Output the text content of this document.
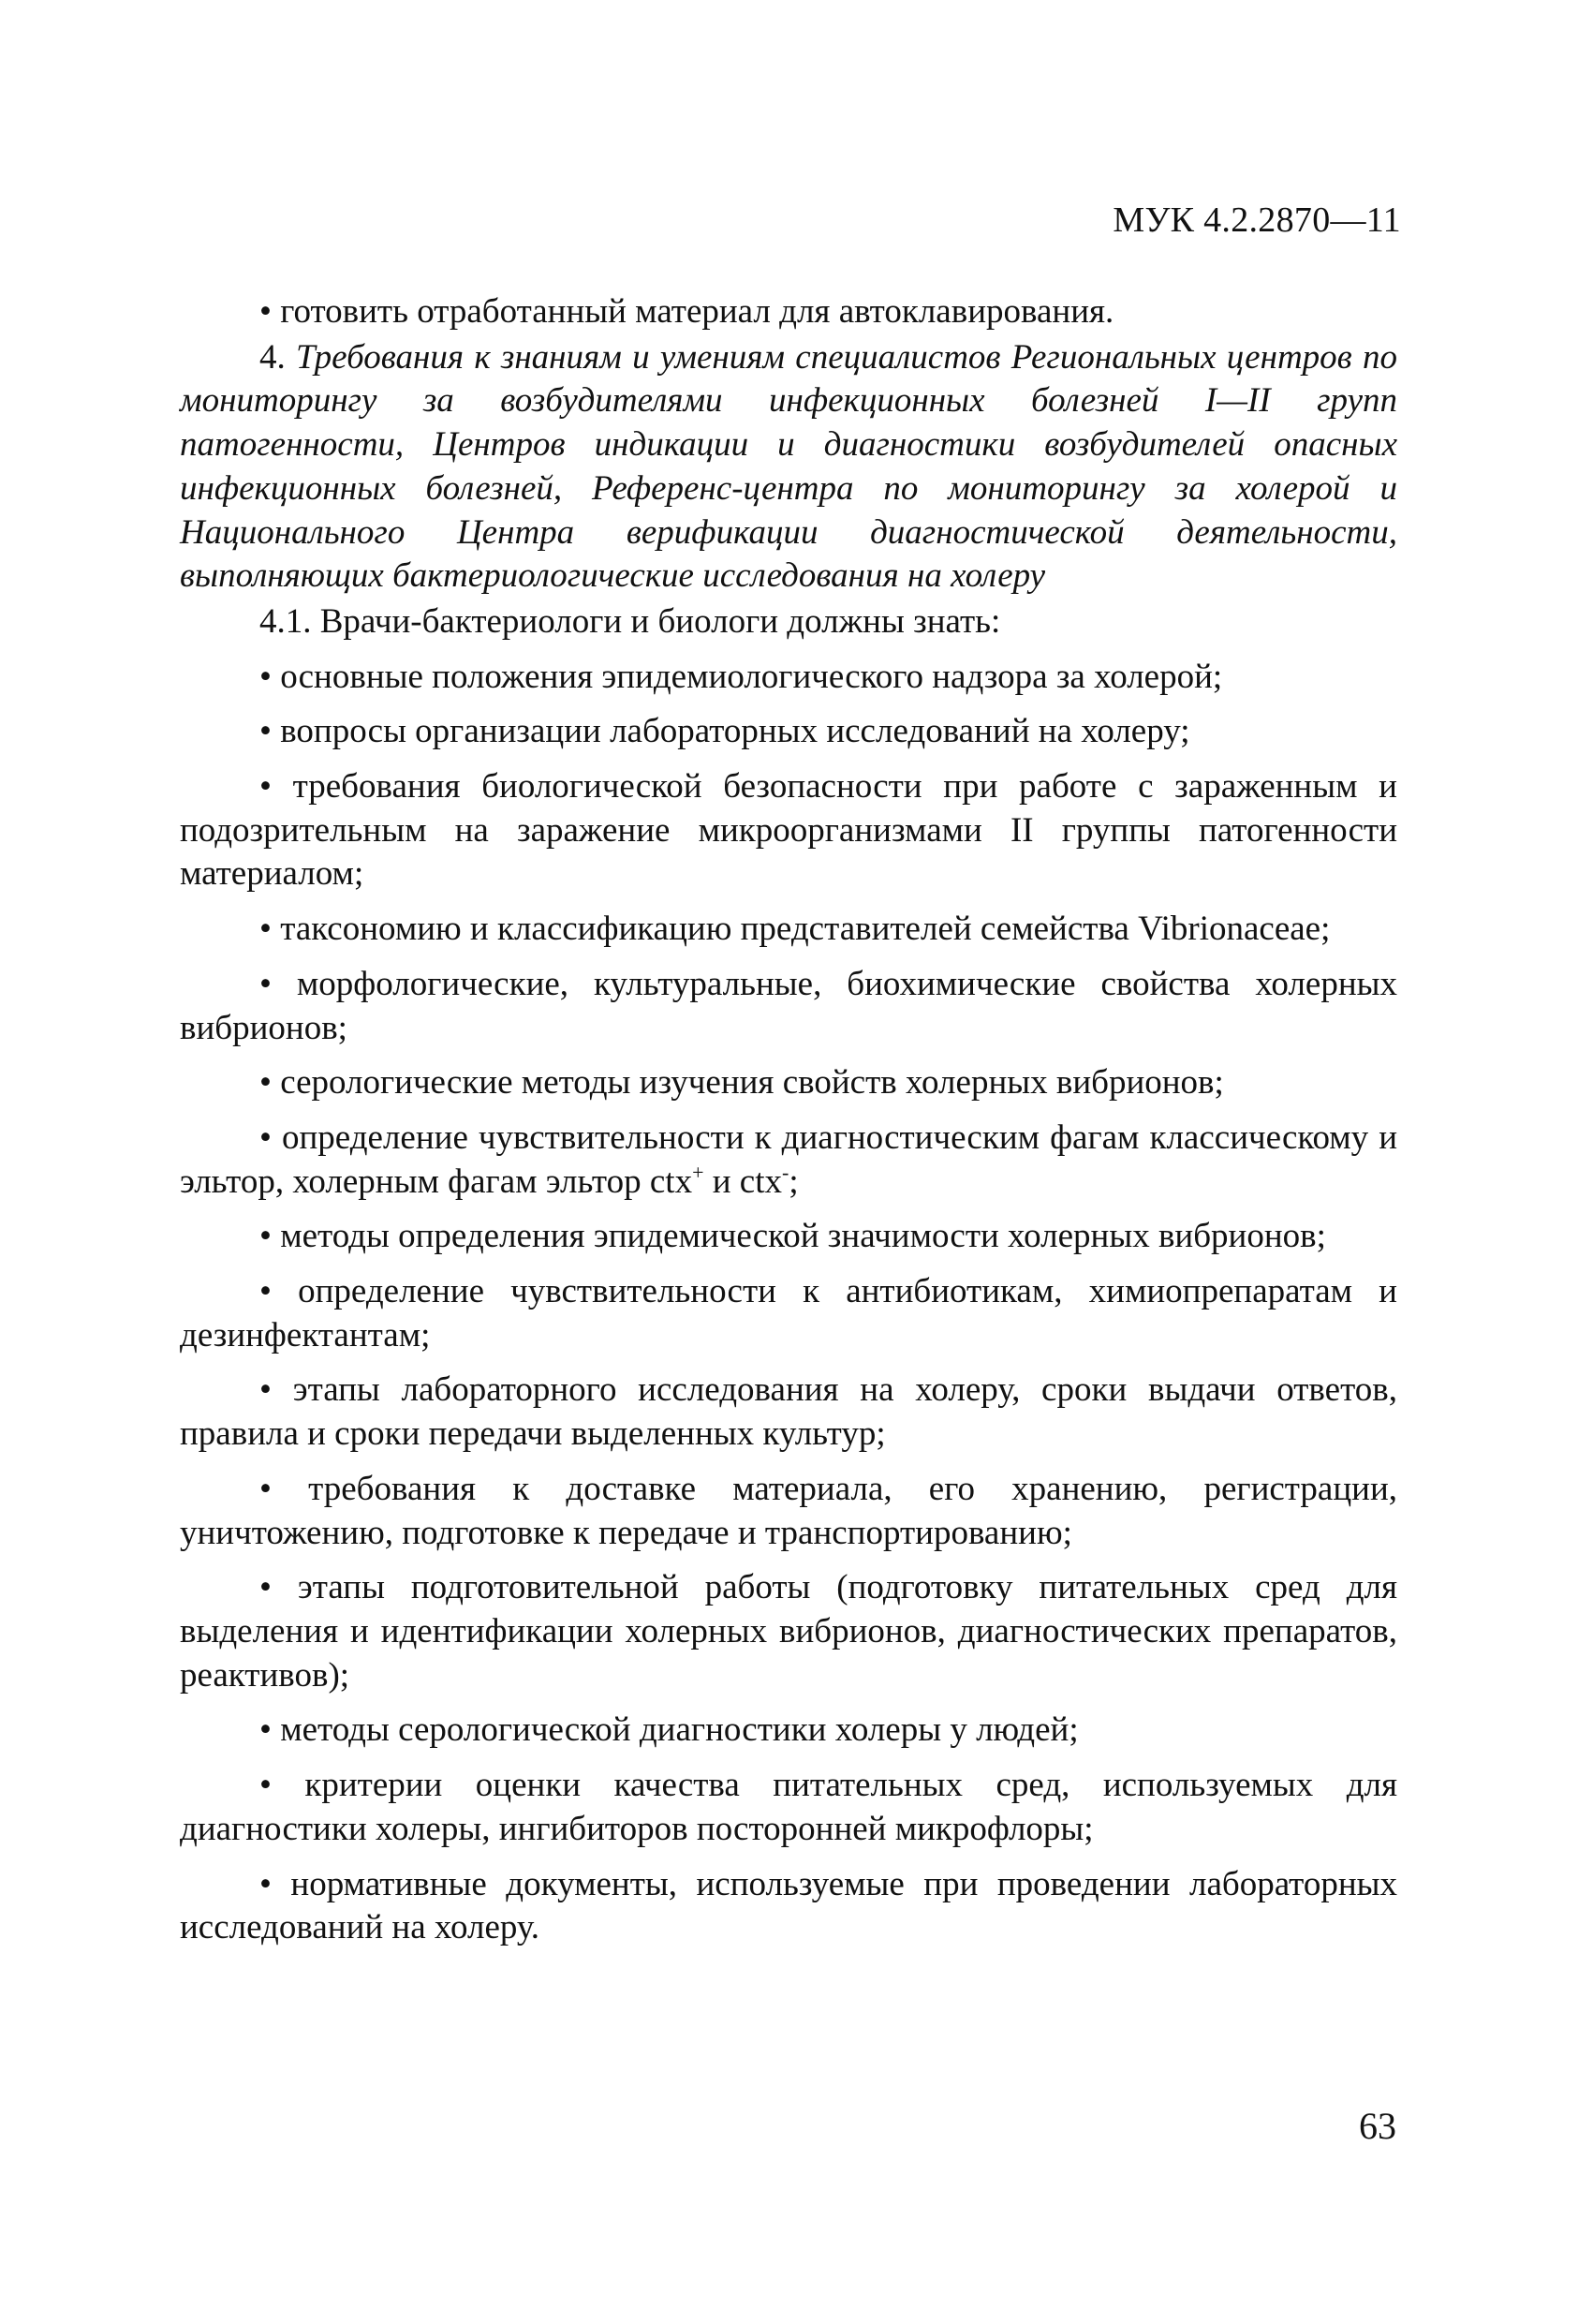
МУК 4.2.2870—11

• готовить отработанный материал для автоклавирования.

4. Требования к знаниям и умениям специалистов Региональных центров по мониторингу за возбудителями инфекционных болезней I—II групп патогенности, Центров индикации и диагностики возбудителей опасных инфекционных болезней, Референс-центра по мониторингу за холерой и Национального Центра верификации диагностической деятельности, выполняющих бактериологические исследования на холеру

4.1. Врачи-бактериологи и биологи должны знать:

• основные положения эпидемиологического надзора за холерой;

• вопросы организации лабораторных исследований на холеру;

• требования биологической безопасности при работе с зараженным и подозрительным на заражение микроорганизмами II группы патогенности материалом;

• таксономию и классификацию представителей семейства Vibrionaceae;

• морфологические, культуральные, биохимические свойства холерных вибрионов;

• серологические методы изучения свойств холерных вибрионов;

• определение чувствительности к диагностическим фагам классическому и эльтор, холерным фагам эльтор ctx+ и ctx-;

• методы определения эпидемической значимости холерных вибрионов;

• определение чувствительности к антибиотикам, химиопрепаратам и дезинфектантам;

• этапы лабораторного исследования на холеру, сроки выдачи ответов, правила и сроки передачи выделенных культур;

• требования к доставке материала, его хранению, регистрации, уничтожению, подготовке к передаче и транспортированию;

• этапы подготовительной работы (подготовку питательных сред для выделения и идентификации холерных вибрионов, диагностических препаратов, реактивов);

• методы серологической диагностики холеры у людей;

• критерии оценки качества питательных сред, используемых для диагностики холеры, ингибиторов посторонней микрофлоры;

• нормативные документы, используемые при проведении лабораторных исследований на холеру.

63
